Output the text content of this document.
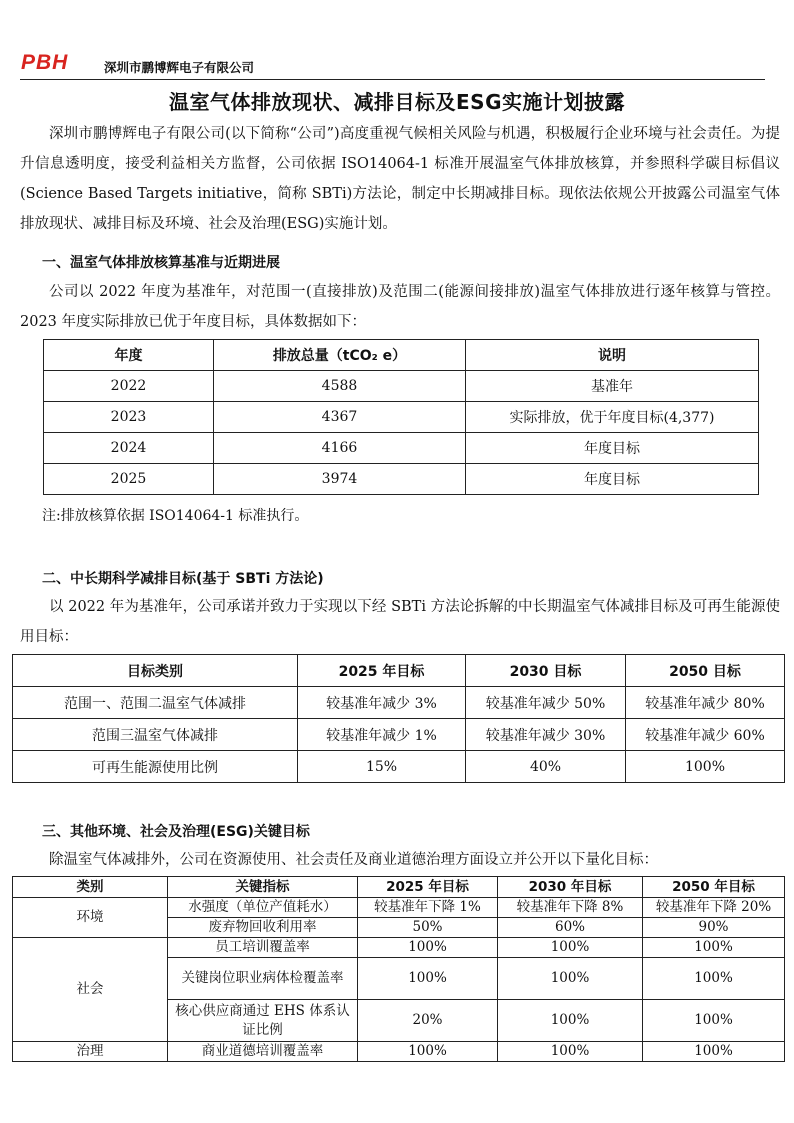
PBH	深圳市鹏博辉电子有限公司
温室气体排放现状、减排目标及ESG实施计划披露
深圳市鹏博辉电子有限公司(以下简称“公司”)高度重视气候相关风险与机遇，积极履行企业环境与社会责任。为提升信息透明度，接受利益相关方监督，公司依据 ISO14064-1 标准开展温室气体排放核算，并参照科学碳目标倡议(Science Based Targets initiative，简称 SBTi)方法论，制定中长期减排目标。现依法依规公开披露公司温室气体排放现状、减排目标及环境、社会及治理(ESG)实施计划。
一、温室气体排放核算基准与近期进展
公司以 2022 年度为基准年，对范围一(直接排放)及范围二(能源间接排放)温室气体排放进行逐年核算与管控。2023 年度实际排放已优于年度目标，具体数据如下：
年度	排放总量（tCO₂ e）	说明
2022	4588	基准年
2023	4367	实际排放，优于年度目标(4,377)
2024	4166	年度目标
2025	3974	年度目标
注:排放核算依据 ISO14064-1 标准执行。
二、中长期科学减排目标(基于 SBTi 方法论)
以 2022 年为基准年，公司承诺并致力于实现以下经 SBTi 方法论拆解的中长期温室气体减排目标及可再生能源使用目标：
目标类别	2025 年目标	2030 目标	2050 目标
范围一、范围二温室气体减排	较基准年减少 3%	较基准年减少 50%	较基准年减少 80%
范围三温室气体减排	较基准年减少 1%	较基准年减少 30%	较基准年减少 60%
可再生能源使用比例	15%	40%	100%
三、其他环境、社会及治理(ESG)关键目标
除温室气体减排外，公司在资源使用、社会责任及商业道德治理方面设立并公开以下量化目标：
类别	关键指标	2025 年目标	2030 年目标	2050 年目标
环境	水强度（单位产值耗水）	较基准年下降 1%	较基准年下降 8%	较基准年下降 20%
	废弃物回收利用率	50%	60%	90%
社会	员工培训覆盖率	100%	100%	100%
	关键岗位职业病体检覆盖率	100%	100%	100%
	核心供应商通过 EHS 体系认证比例	20%	100%	100%
治理	商业道德培训覆盖率	100%	100%	100%
